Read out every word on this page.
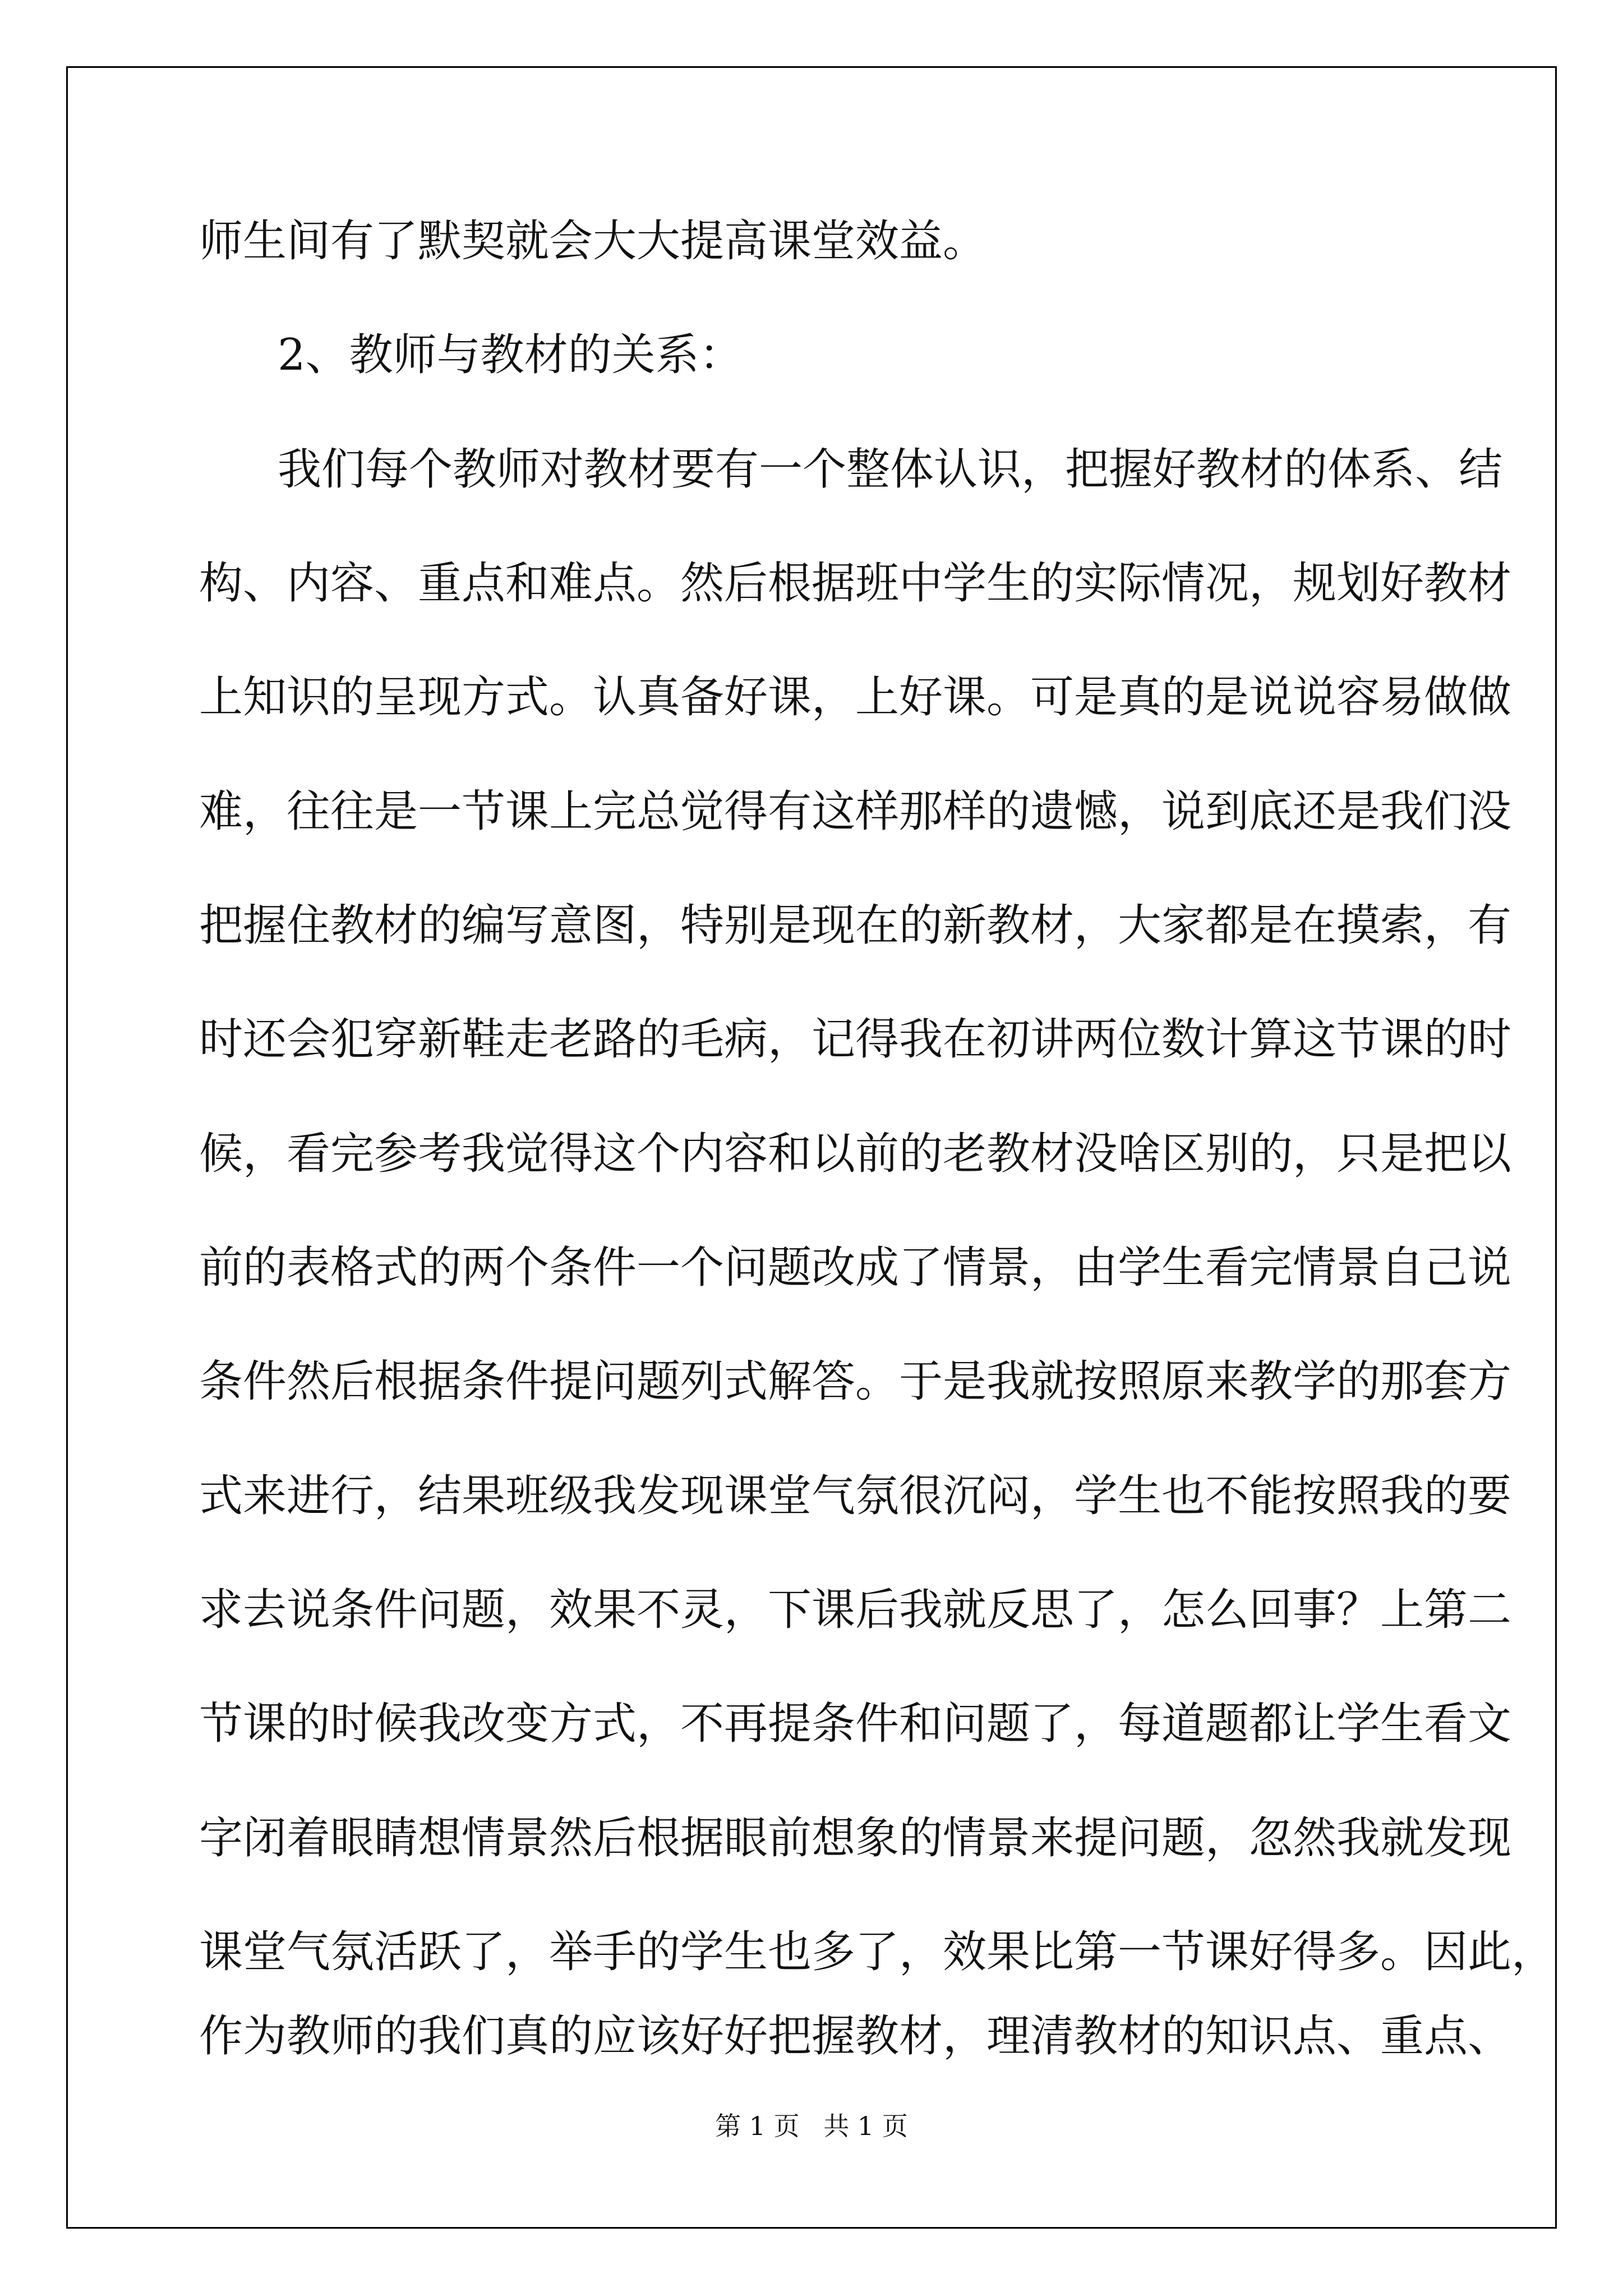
师生间有了默契就会大大提高课堂效益。
2、教师与教材的关系：
我们每个教师对教材要有一个整体认识，把握好教材的体系、结
构、内容、重点和难点。然后根据班中学生的实际情况，规划好教材
上知识的呈现方式。认真备好课，上好课。可是真的是说说容易做做
难，往往是一节课上完总觉得有这样那样的遗憾，说到底还是我们没
把握住教材的编写意图，特别是现在的新教材，大家都是在摸索，有
时还会犯穿新鞋走老路的毛病，记得我在初讲两位数计算这节课的时
候，看完参考我觉得这个内容和以前的老教材没啥区别的，只是把以
前的表格式的两个条件一个问题改成了情景，由学生看完情景自己说
条件然后根据条件提问题列式解答。于是我就按照原来教学的那套方
式来进行，结果班级我发现课堂气氛很沉闷，学生也不能按照我的要
求去说条件问题，效果不灵，下课后我就反思了，怎么回事？上第二
节课的时候我改变方式，不再提条件和问题了，每道题都让学生看文
字闭着眼睛想情景然后根据眼前想象的情景来提问题，忽然我就发现
课堂气氛活跃了，举手的学生也多了，效果比第一节课好得多。因此，
作为教师的我们真的应该好好把握教材，理清教材的知识点、重点、
第 1 页 共 1 页
